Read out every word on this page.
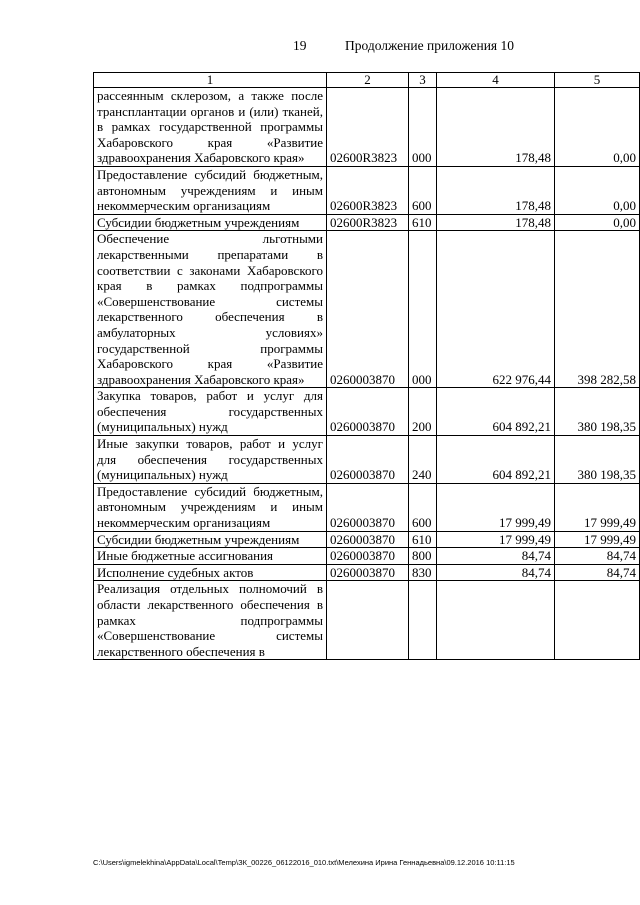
19	Продолжение приложения 10
1	2	3	4	5
рассеянным склерозом, а также после трансплантации органов и (или) тканей, в рамках государственной программы Хабаровского края «Развитие здравоохранения Хабаровского края»	02600R3823	000	178,48	0,00
Предоставление субсидий бюджетным, автономным учреждениям и иным некоммерческим организациям	02600R3823	600	178,48	0,00
Субсидии бюджетным учреждениям	02600R3823	610	178,48	0,00
Обеспечение льготными лекарственными препаратами в соответствии с законами Хабаровского края в рамках подпрограммы «Совершенствование системы лекарственного обеспечения в амбулаторных условиях» государственной программы Хабаровского края «Развитие здравоохранения Хабаровского края»	0260003870	000	622 976,44	398 282,58
Закупка товаров, работ и услуг для обеспечения государственных (муниципальных) нужд	0260003870	200	604 892,21	380 198,35
Иные закупки товаров, работ и услуг для обеспечения государственных (муниципальных) нужд	0260003870	240	604 892,21	380 198,35
Предоставление субсидий бюджетным, автономным учреждениям и иным некоммерческим организациям	0260003870	600	17 999,49	17 999,49
Субсидии бюджетным учреждениям	0260003870	610	17 999,49	17 999,49
Иные бюджетные ассигнования	0260003870	800	84,74	84,74
Исполнение судебных актов	0260003870	830	84,74	84,74
Реализация отдельных полномочий в области лекарственного обеспечения в рамках подпрограммы «Совершенствование системы лекарственного обеспечения в				
C:\Users\igmelekhina\AppData\Local\Temp\ЗК_00226_06122016_010.txt\Мелехина Ирина Геннадьевна\09.12.2016 10:11:15
